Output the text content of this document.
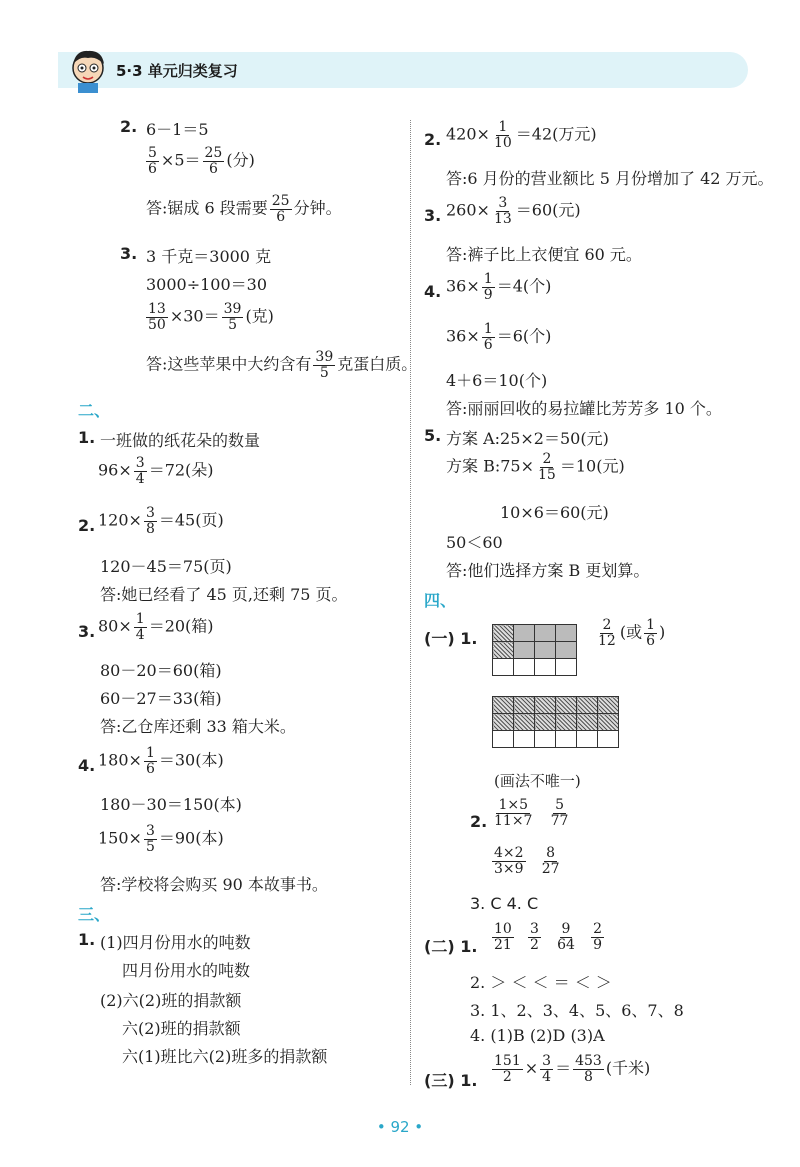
5·3 单元归类复习
2. 6－1＝5
$\frac{5}{6} \times 5= \frac{25}{6}$ (分)
答:锯成 6 段需要 $\frac{25}{6}$ 分钟。
3. 3 千克＝3000 克
3000÷100＝30
$\frac{13}{50} \times 30= \frac{39}{5}$ (克)
答:这些苹果中大约含有 $\frac{39}{5}$ 克蛋白质。
二、
1. 一班做的纸花朵的数量
$96\times \frac{3}{4} =72$(朵)
2. $120\times \frac{3}{8} =45$(页)
120－45＝75(页)
答:她已经看了 45 页,还剩 75 页。
3. $80\times \frac{1}{4} =20$(箱)
80－20＝60(箱)
60－27＝33(箱)
答:乙仓库还剩 33 箱大米。
4. $180\times \frac{1}{6} =30$(本)
180－30＝150(本)
$150\times \frac{3}{5} =90$(本)
答:学校将会购买 90 本故事书。
三、
1. (1)四月份用水的吨数
四月份用水的吨数
(2)六(2)班的捐款额
六(2)班的捐款额
六(1)班比六(2)班多的捐款额
2. $420\times \frac{1}{10} =42$(万元)
答:6 月份的营业额比 5 月份增加了 42 万元。
3. $260\times \frac{3}{13} =60$(元)
答:裤子比上衣便宜 60 元。
4. $36\times \frac{1}{9} =4$(个)
$36\times \frac{1}{6} =6$(个)
4＋6＝10(个)
答:丽丽回收的易拉罐比芳芳多 10 个。
5. 方案 A:25×2＝50(元)
方案 B:75× $\frac{2}{15} =10$(元)
10×6＝60(元)
50＜60
答:他们选择方案 B 更划算。
四、
(一) 1.

				$\frac{2}{12}$ (或 $\frac{1}{6}$ )

(画法不唯一)
2. $\frac{1\times 5}{11\times 7}$
$\frac{5}{77}$
$\frac{4\times 2}{3\times 9}$
$\frac{8}{27}$
3. C 4. C
(二) 1. $\frac{10}{21}$
$\frac{3}{2}$
$\frac{9}{64}$
$\frac{2}{9}$
2. ＞ ＜ ＜ ＝ ＜ ＞
3. 1、2、3、4、5、6、7、8
4. (1)B (2)D (3)A
(三) 1. $\frac{151}{2} \times \frac{3}{4} = \frac{453}{8}$ (千米)
• 92 •
